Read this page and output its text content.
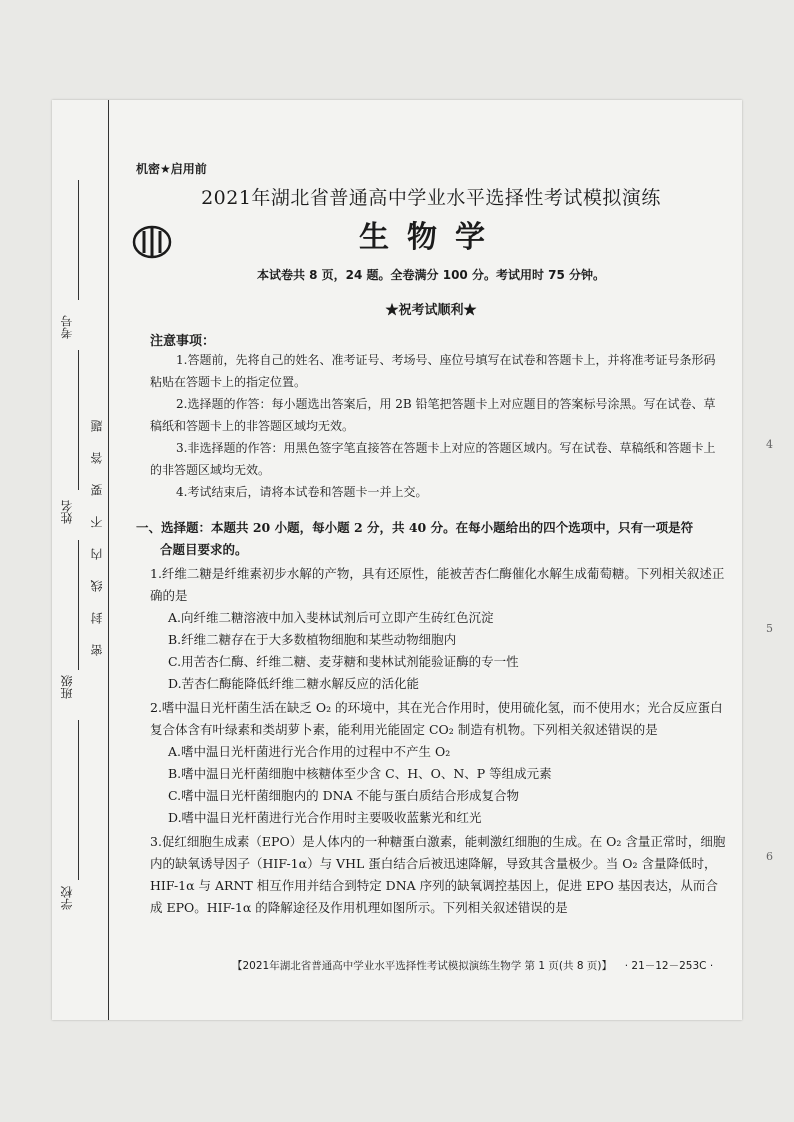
考号
姓名
班级
学校
密封线内不要答题
机密★启用前
2021年湖北省普通高中学业水平选择性考试模拟演练
生物学
本试卷共 8 页，24 题。全卷满分 100 分。考试用时 75 分钟。
★祝考试顺利★
注意事项：
1.答题前，先将自己的姓名、准考证号、考场号、座位号填写在试卷和答题卡上，并将准考证号条形码粘贴在答题卡上的指定位置。
2.选择题的作答：每小题选出答案后，用 2B 铅笔把答题卡上对应题目的答案标号涂黑。写在试卷、草稿纸和答题卡上的非答题区域均无效。
3.非选择题的作答：用黑色签字笔直接答在答题卡上对应的答题区域内。写在试卷、草稿纸和答题卡上的非答题区域均无效。
4.考试结束后，请将本试卷和答题卡一并上交。
一、选择题：本题共 20 小题，每小题 2 分，共 40 分。在每小题给出的四个选项中，只有一项是符
合题目要求的。
1.纤维二糖是纤维素初步水解的产物，具有还原性，能被苦杏仁酶催化水解生成葡萄糖。下列相关叙述正确的是
A.向纤维二糖溶液中加入斐林试剂后可立即产生砖红色沉淀
B.纤维二糖存在于大多数植物细胞和某些动物细胞内
C.用苦杏仁酶、纤维二糖、麦芽糖和斐林试剂能验证酶的专一性
D.苦杏仁酶能降低纤维二糖水解反应的活化能
2.嗜中温日光杆菌生活在缺乏 O₂ 的环境中，其在光合作用时，使用硫化氢，而不使用水；光合反应蛋白复合体含有叶绿素和类胡萝卜素，能利用光能固定 CO₂ 制造有机物。下列相关叙述错误的是
A.嗜中温日光杆菌进行光合作用的过程中不产生 O₂
B.嗜中温日光杆菌细胞中核糖体至少含 C、H、O、N、P 等组成元素
C.嗜中温日光杆菌细胞内的 DNA 不能与蛋白质结合形成复合物
D.嗜中温日光杆菌进行光合作用时主要吸收蓝紫光和红光
3.促红细胞生成素（EPO）是人体内的一种糖蛋白激素，能刺激红细胞的生成。在 O₂ 含量正常时，细胞内的缺氧诱导因子（HIF-1α）与 VHL 蛋白结合后被迅速降解，导致其含量极少。当 O₂ 含量降低时，HIF-1α 与 ARNT 相互作用并结合到特定 DNA 序列的缺氧调控基因上，促进 EPO 基因表达，从而合成 EPO。HIF-1α 的降解途径及作用机理如图所示。下列相关叙述错误的是
【2021年湖北省普通高中学业水平选择性考试模拟演练生物学 第 1 页(共 8 页)】 · 21－12－253C ·
4
5
6
